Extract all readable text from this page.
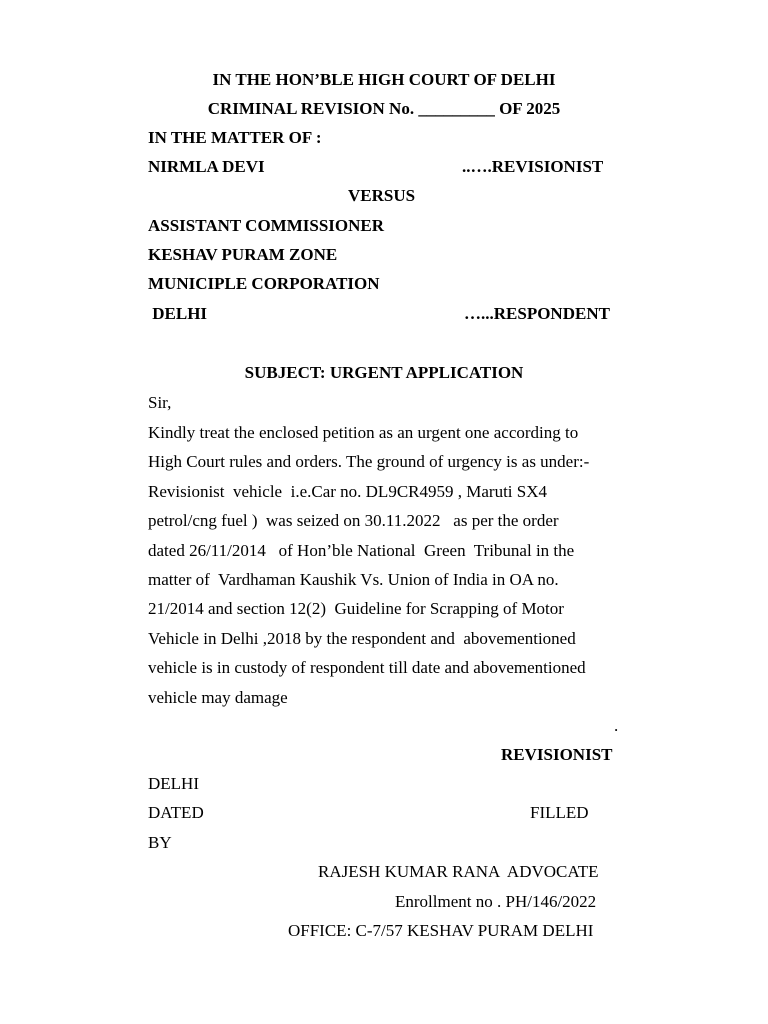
IN THE HON’BLE HIGH COURT OF DELHI
CRIMINAL REVISION No. _________ OF 2025
IN THE MATTER OF :
NIRMLA DEVI	..….REVISIONIST
VERSUS
ASSISTANT COMMISSIONER
KESHAV PURAM ZONE
MUNICIPLE CORPORATION
DELHI	…...RESPONDENT
SUBJECT: URGENT APPLICATION
Sir,
Kindly treat the enclosed petition as an urgent one according to
High Court rules and orders. The ground of urgency is as under:-
Revisionist  vehicle  i.e.Car no. DL9CR4959 , Maruti SX4
petrol/cng fuel )  was seized on 30.11.2022   as per the order
dated 26/11/2014   of Hon’ble National  Green  Tribunal in the
matter of  Vardhaman Kaushik Vs. Union of India in OA no.
21/2014 and section 12(2)  Guideline for Scrapping of Motor
Vehicle in Delhi ,2018 by the respondent and  abovementioned
vehicle is in custody of respondent till date and abovementioned
vehicle may damage
.
REVISIONIST
DELHI
DATED	FILLED
BY
RAJESH KUMAR RANA  ADVOCATE
Enrollment no . PH/146/2022
OFFICE: C-7/57 KESHAV PURAM DELHI
